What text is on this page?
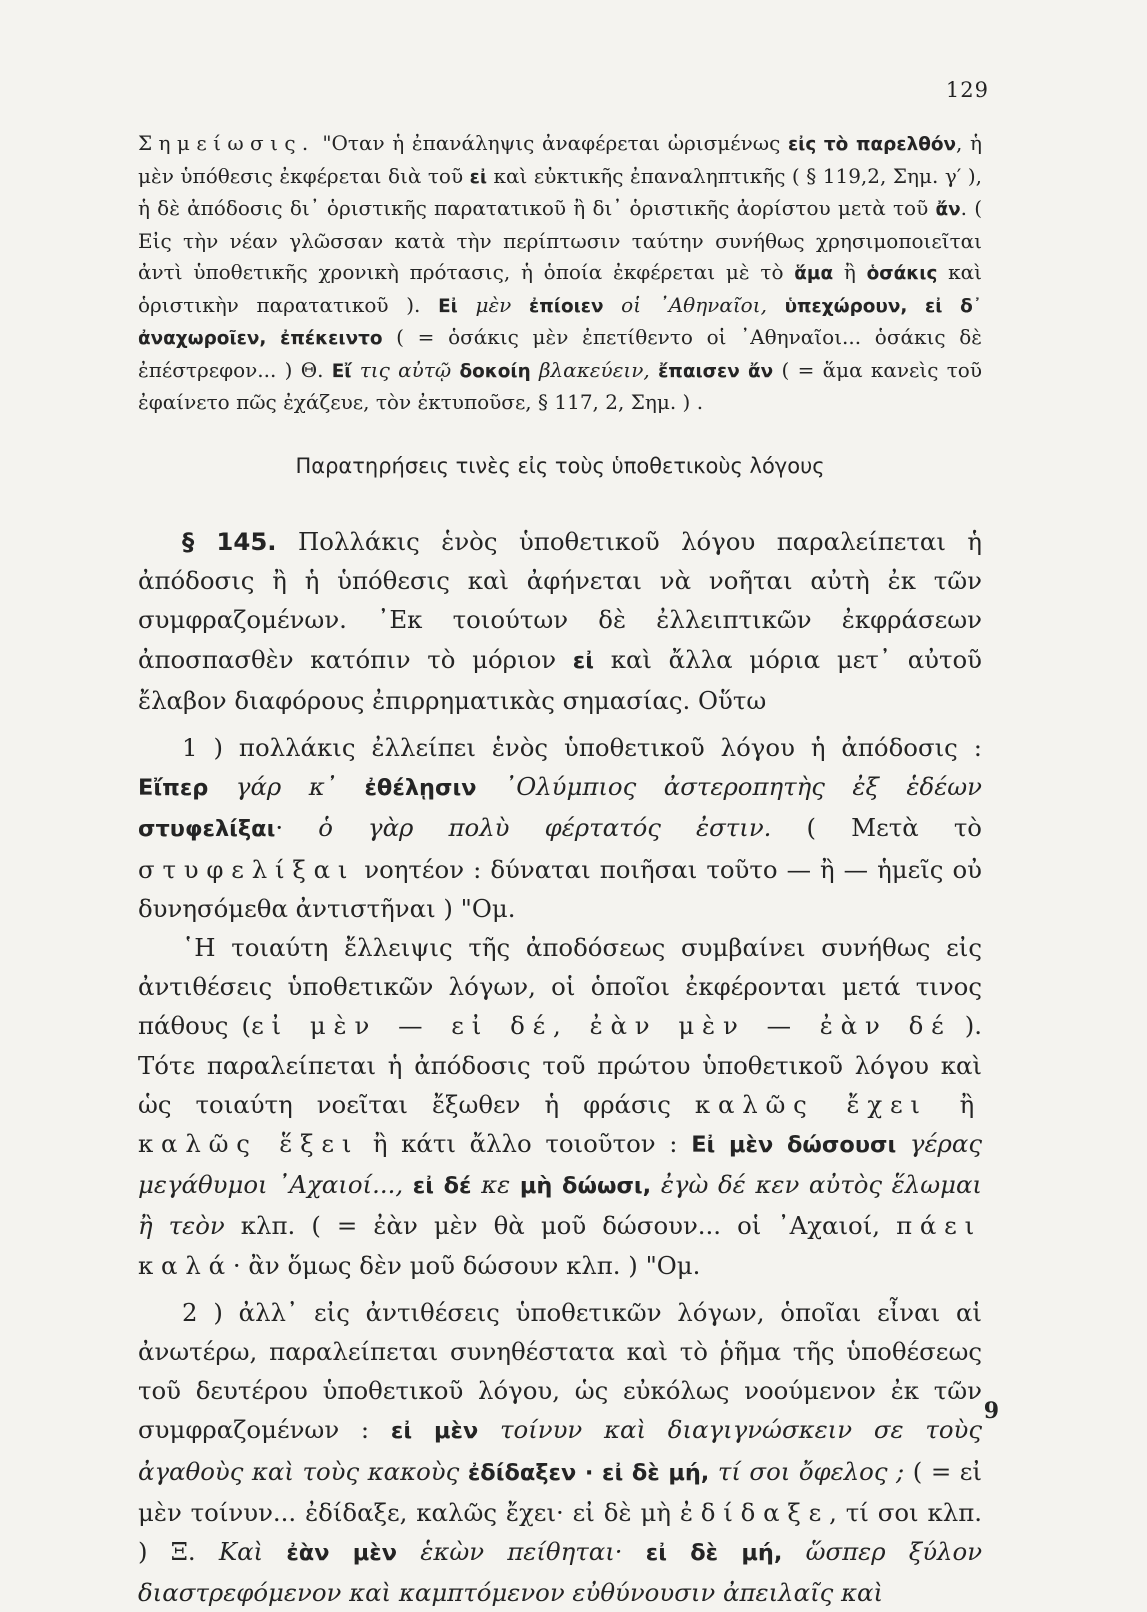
129
Σημείωσις. "Οταν ἡ ἐπανάληψις ἀναφέρεται ὡρισμένως εἰς τὸ παρελθόν, ἡ μὲν ὑπόθεσις ἐκφέρεται διὰ τοῦ εἰ καὶ εὐκτικῆς ἐπαναληπτικῆς ( § 119,2, Σημ. γ′ ), ἡ δὲ ἀπόδοσις δι᾽ ὁριστικῆς παρατατικοῦ ἢ δι᾽ ὁριστικῆς ἀορίστου μετὰ τοῦ ἄν. ( Εἰς τὴν νέαν γλῶσσαν κατὰ τὴν περίπτωσιν ταύτην συνήθως χρησιμοποιεῖται ἀντὶ ὑποθετικῆς χρονικὴ πρότασις, ἡ ὁποία ἐκφέρεται μὲ τὸ ἅμα ἢ ὁσάκις καὶ ὁριστικὴν παρατατικοῦ ). Εἰ μὲν ἐπίοιεν οἱ ᾿Αθηναῖοι, ὑπεχώρουν, εἰ δ᾽ ἀναχωροῖεν, ἐπέκειντο ( = ὁσάκις μὲν ἐπετίθεντο οἱ ᾿Αθηναῖοι... ὁσάκις δὲ ἐπέστρεφον... ) Θ. Εἴ τις αὐτῷ δοκοίη βλακεύειν, ἔπαισεν ἄν ( = ἅμα κανεὶς τοῦ ἐφαίνετο πῶς ἐχάζευε, τὸν ἐκτυποῦσε, § 117, 2, Σημ. ) .
Παρατηρήσεις τινὲς εἰς τοὺς ὑποθετικοὺς λόγους

§ 145. Πολλάκις ἑνὸς ὑποθετικοῦ λόγου παραλείπεται ἡ ἀπόδοσις ἢ ἡ ὑπόθεσις καὶ ἀφήνεται νὰ νοῆται αὐτὴ ἐκ τῶν συμφραζομένων. ᾿Εκ τοιούτων δὲ ἐλλειπτικῶν ἐκφράσεων ἀποσπασθὲν κατόπιν τὸ μόριον εἰ καὶ ἄλλα μόρια μετ᾽ αὐτοῦ ἔλαβον διαφόρους ἐπιρρηματικὰς σημασίας. Οὕτω

1 ) πολλάκις ἐλλείπει ἑνὸς ὑποθετικοῦ λόγου ἡ ἀπόδοσις : Εἴπερ γάρ κ᾽ ἐθέλῃσιν ᾿Ολύμπιος ἀστεροπητὴς ἐξ ἑδέων στυφελίξαι· ὁ γὰρ πολὺ φέρτατός ἐστιν. ( Μετὰ τὸ στυφελίξαι νοητέον : δύναται ποιῆσαι τοῦτο — ἢ — ἡμεῖς οὐ δυνησόμεθα ἀντιστῆναι ) "Ομ.

῾Η τοιαύτη ἔλλειψις τῆς ἀποδόσεως συμβαίνει συνήθως εἰς ἀντιθέσεις ὑποθετικῶν λόγων, οἱ ὁποῖοι ἐκφέρονται μετά τινος πάθους (εἰ μὲν — εἰ δέ, ἐὰν μὲν — ἐὰν δέ ). Τότε παραλείπεται ἡ ἀπόδοσις τοῦ πρώτου ὑποθετικοῦ λόγου καὶ ὡς τοιαύτη νοεῖται ἔξωθεν ἡ φράσις καλῶς ἔχει ἢ καλῶς ἕξει ἢ κάτι ἄλλο τοιοῦτον : Εἰ μὲν δώσουσι γέρας μεγάθυμοι ᾿Αχαιοί..., εἰ δέ κε μὴ δώωσι, ἐγὼ δέ κεν αὐτὸς ἕλωμαι ἢ τεὸν κλπ. ( = ἐὰν μὲν θὰ μοῦ δώσουν... οἱ ᾿Αχαιοί, πάει καλά· ἂν ὅμως δὲν μοῦ δώσουν κλπ. ) "Ομ.

2 ) ἀλλ᾽ εἰς ἀντιθέσεις ὑποθετικῶν λόγων, ὁποῖαι εἶναι αἱ ἀνωτέρω, παραλείπεται συνηθέστατα καὶ τὸ ῥῆμα τῆς ὑποθέσεως τοῦ δευτέρου ὑποθετικοῦ λόγου, ὡς εὐκόλως νοούμενον ἐκ τῶν συμφραζομένων : εἰ μὲν τοίνυν καὶ διαγιγνώσκειν σε τοὺς ἀγαθοὺς καὶ τοὺς κακοὺς ἐδίδαξεν · εἰ δὲ μή, τί σοι ὄφελος ; ( = εἰ μὲν τοίνυν... ἐδίδαξε, καλῶς ἔχει· εἰ δὲ μὴ ἐδίδαξε, τί σοι κλπ. ) Ξ. Καὶ ἐὰν μὲν ἑκὼν πείθηται· εἰ δὲ μή, ὥσπερ ξύλον διαστρεφόμενον καὶ καμπτόμενον εὐθύνουσιν ἀπειλαῖς καὶ

9
